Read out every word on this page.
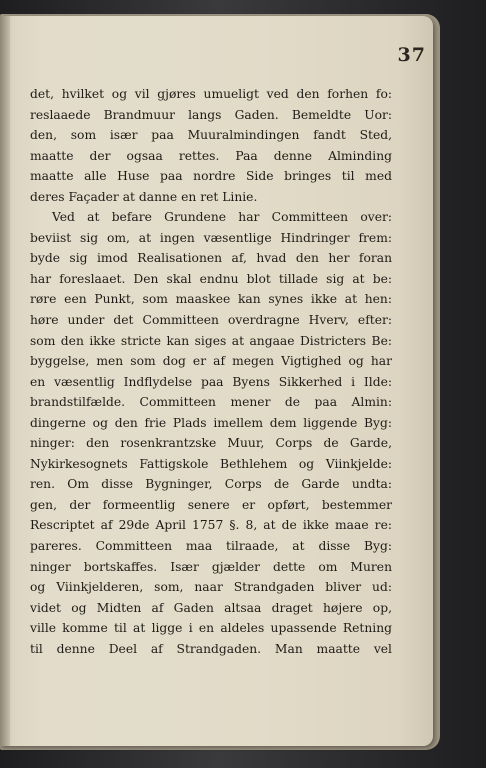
37
det, hvilket og vil gjøres umueligt ved den forhen fo:
reslaaede Brandmuur langs Gaden. Bemeldte Uor:
den, som især paa Muuralmindingen fandt Sted,
maatte der ogsaa rettes. Paa denne Alminding
maatte alle Huse paa nordre Side bringes til med
deres Façader at danne en ret Linie.
Ved at befare Grundene har Committeen over:
beviist sig om, at ingen væsentlige Hindringer frem:
byde sig imod Realisationen af, hvad den her foran
har foreslaaet. Den skal endnu blot tillade sig at be:
røre een Punkt, som maaskee kan synes ikke at hen:
høre under det Committeen overdragne Hverv, efter:
som den ikke stricte kan siges at angaae Districters Be:
byggelse, men som dog er af megen Vigtighed og har
en væsentlig Indflydelse paa Byens Sikkerhed i Ilde:
brandstilfælde. Committeen mener de paa Almin:
dingerne og den frie Plads imellem dem liggende Byg:
ninger: den rosenkrantzske Muur, Corps de Garde,
Nykirkesognets Fattigskole Bethlehem og Viinkjelde:
ren. Om disse Bygninger, Corps de Garde undta:
gen, der formeentlig senere er opført, bestemmer
Rescriptet af 29de April 1757 §. 8, at de ikke maae re:
pareres. Committeen maa tilraade, at disse Byg:
ninger bortskaffes. Især gjælder dette om Muren
og Viinkjelderen, som, naar Strandgaden bliver ud:
videt og Midten af Gaden altsaa draget højere op,
ville komme til at ligge i en aldeles upassende Retning
til denne Deel af Strandgaden. Man maatte vel
